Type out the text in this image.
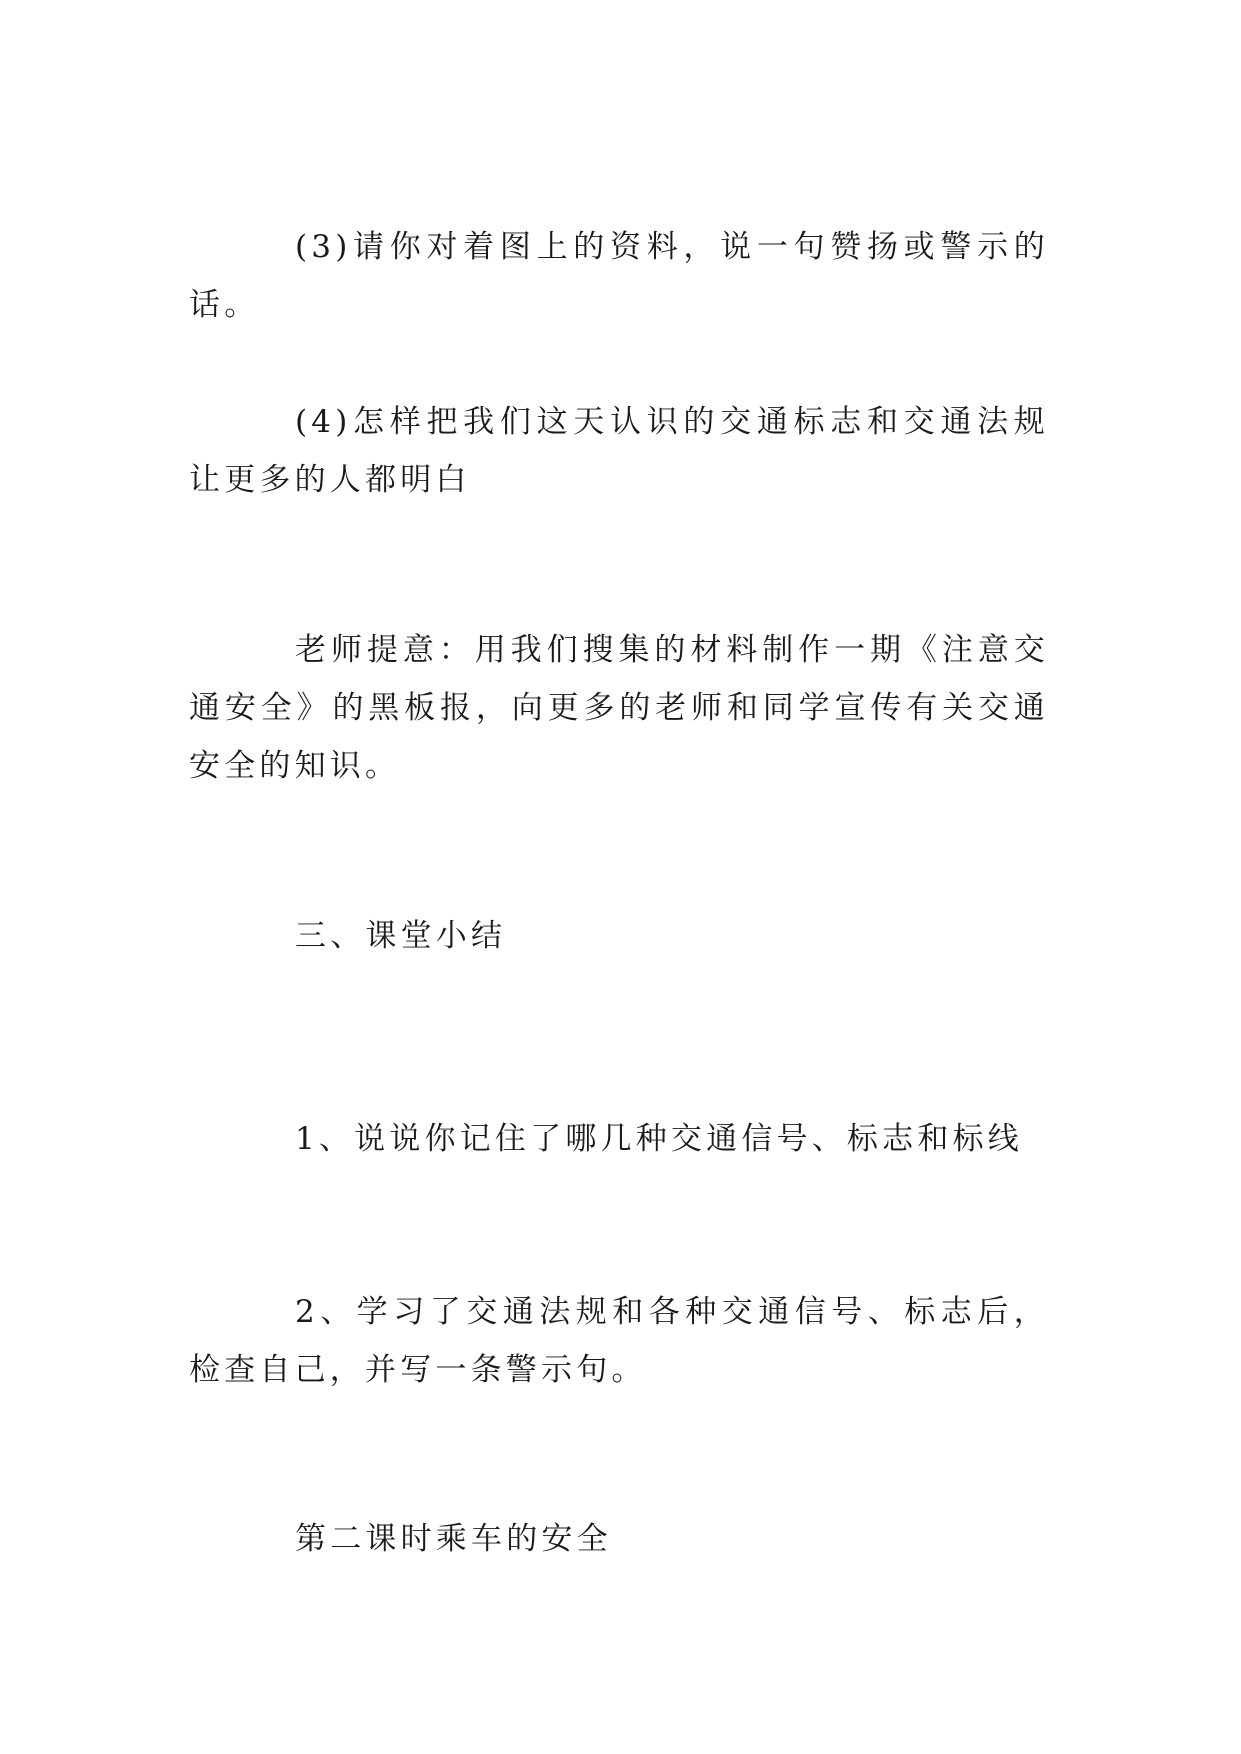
(3)请你对着图上的资料，说一句赞扬或警示的话。

(4)怎样把我们这天认识的交通标志和交通法规让更多的人都明白

老师提意：用我们搜集的材料制作一期《注意交通安全》的黑板报，向更多的老师和同学宣传有关交通安全的知识。

三、课堂小结

1、说说你记住了哪几种交通信号、标志和标线

2、学习了交通法规和各种交通信号、标志后，检查自己，并写一条警示句。

第二课时乘车的安全
